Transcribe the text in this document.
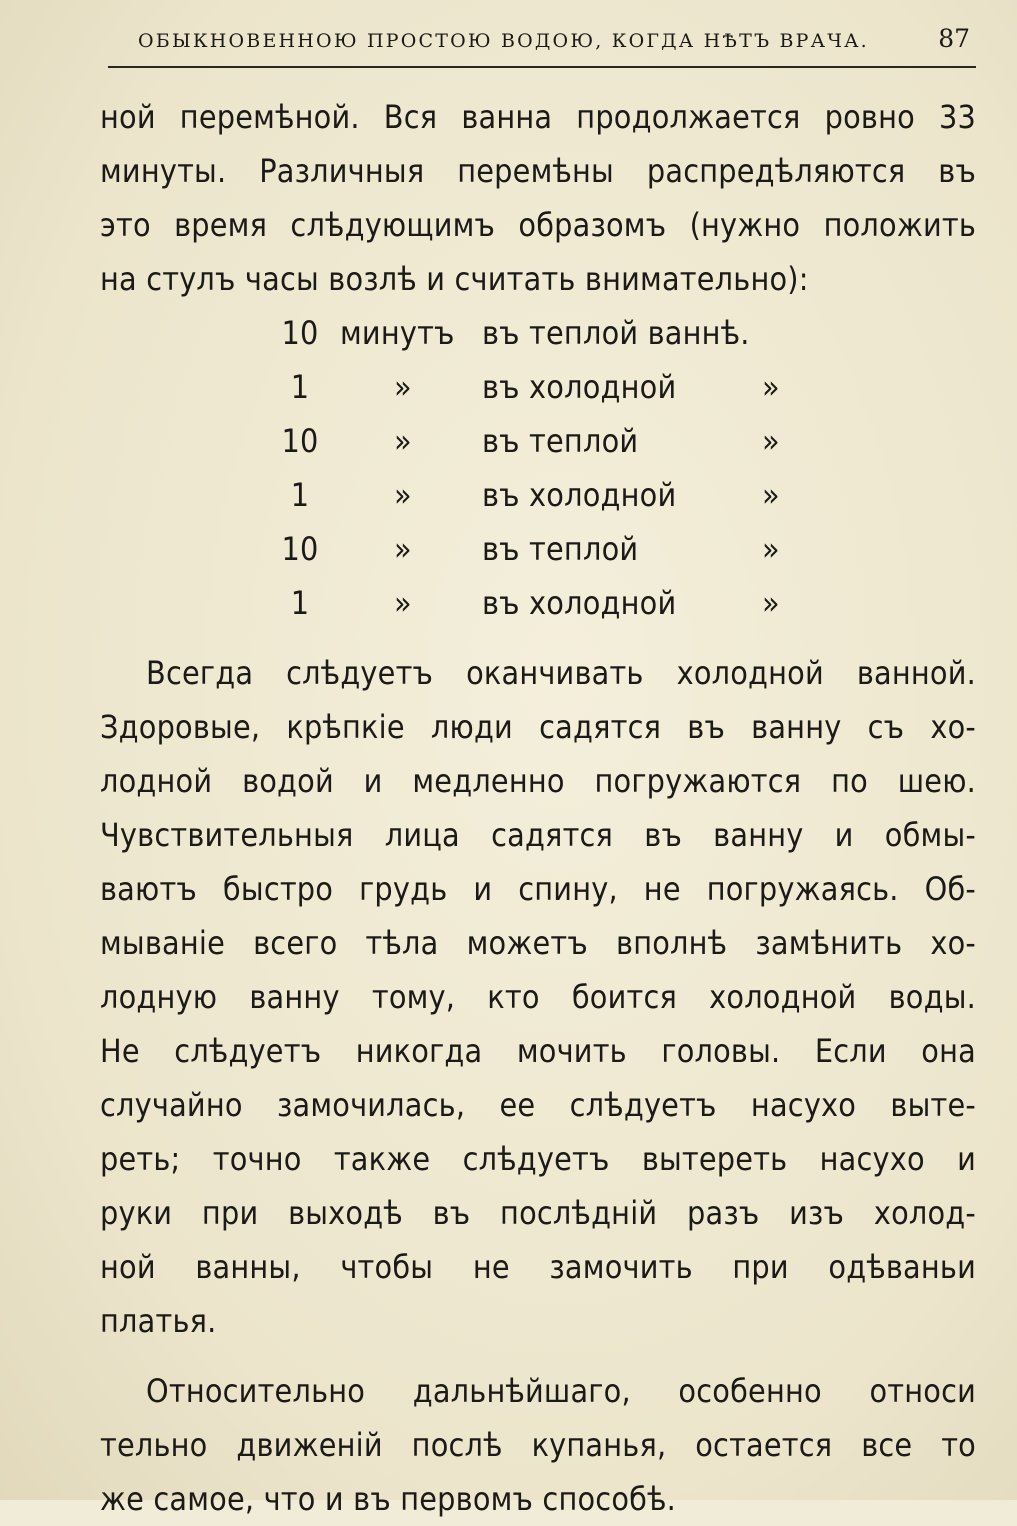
ОБЫКНОВЕННОЮ ПРОСТОЮ ВОДОЮ, КОГДА НѢТЪ ВРАЧА.	87
ной перемѣной. Вся ванна продолжается ровно 33
минуты. Различныя перемѣны распредѣляются въ
это время слѣдующимъ образомъ (нужно положить
на стулъ часы возлѣ и считать внимательно):
10 минутъ въ теплой ваннѣ.
1	» въ холодной	»
10	» въ теплой	»
1	» въ холодной	»
10	» въ теплой	»
1	» въ холодной	»
Всегда слѣдуетъ оканчивать холодной ванной.
Здоровые, крѣпкіе люди садятся въ ванну съ хо-
лодной водой и медленно погружаются по шею.
Чувствительныя лица садятся въ ванну и обмы-
ваютъ быстро грудь и спину, не погружаясь. Об-
мываніе всего тѣла можетъ вполнѣ замѣнить хо-
лодную ванну тому, кто боится холодной воды.
Не слѣдуетъ никогда мочить головы. Если она
случайно замочилась, ее слѣдуетъ насухо выте-
реть; точно также слѣдуетъ вытереть насухо и
руки при выходѣ въ послѣдній разъ изъ холод-
ной ванны, чтобы не замочить при одѣваньи
платья.
Относительно дальнѣйшаго, особенно относи
тельно движеній послѣ купанья, остается все то
же самое, что и въ первомъ способѣ.
